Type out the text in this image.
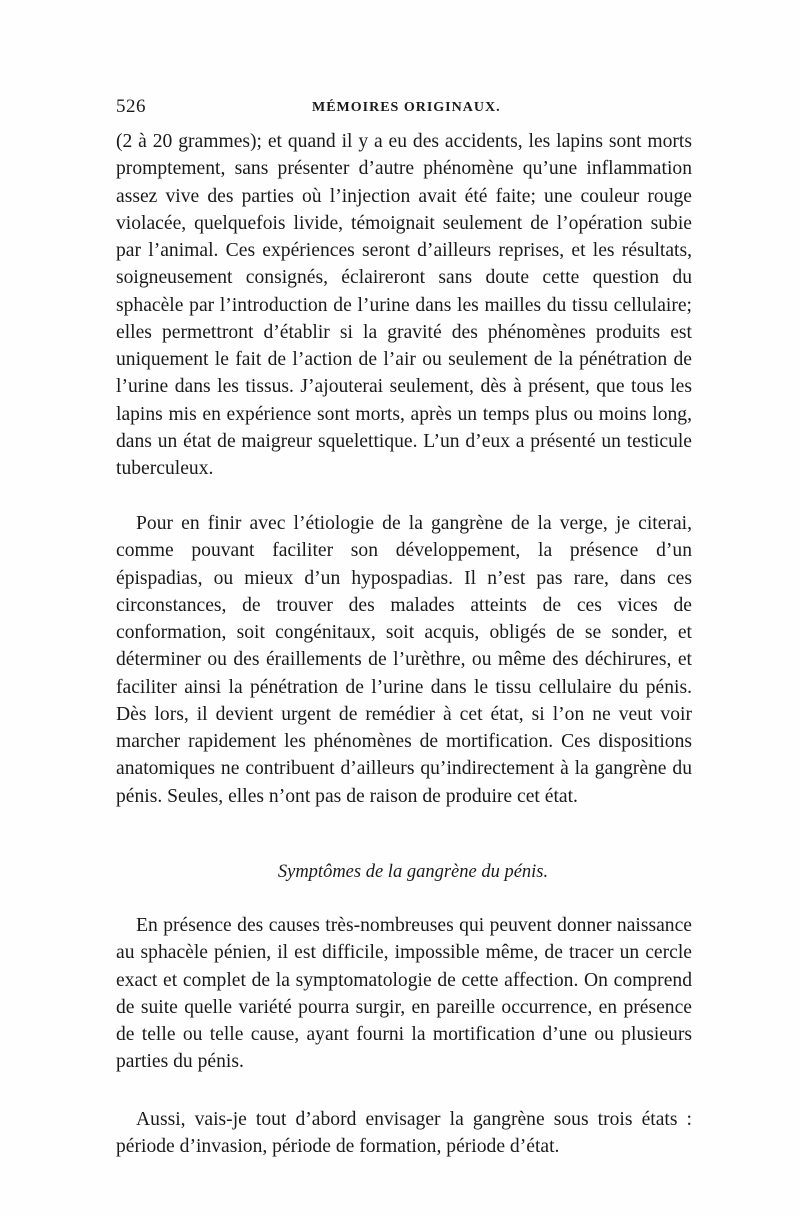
526	MÉMOIRES ORIGINAUX.

(2 à 20 grammes); et quand il y a eu des accidents, les lapins sont morts promptement, sans présenter d’autre phénomène qu’une inflammation assez vive des parties où l’injection avait été faite; une couleur rouge violacée, quelquefois livide, témoignait seulement de l’opération subie par l’animal. Ces expériences seront d’ailleurs reprises, et les résultats, soigneusement consignés, éclaireront sans doute cette question du sphacèle par l’introduction de l’urine dans les mailles du tissu cellulaire; elles permettront d’établir si la gravité des phénomènes produits est uniquement le fait de l’action de l’air ou seulement de la pénétration de l’urine dans les tissus. J’ajouterai seulement, dès à présent, que tous les lapins mis en expérience sont morts, après un temps plus ou moins long, dans un état de maigreur squelettique. L’un d’eux a présenté un testicule tuberculeux.

Pour en finir avec l’étiologie de la gangrène de la verge, je citerai, comme pouvant faciliter son développement, la présence d’un épispadias, ou mieux d’un hypospadias. Il n’est pas rare, dans ces circonstances, de trouver des malades atteints de ces vices de conformation, soit congénitaux, soit acquis, obligés de se sonder, et déterminer ou des éraillements de l’urèthre, ou même des déchirures, et faciliter ainsi la pénétration de l’urine dans le tissu cellulaire du pénis. Dès lors, il devient urgent de remédier à cet état, si l’on ne veut voir marcher rapidement les phénomènes de mortification. Ces dispositions anatomiques ne contribuent d’ailleurs qu’indirectement à la gangrène du pénis. Seules, elles n’ont pas de raison de produire cet état.

Symptômes de la gangrène du pénis.

En présence des causes très-nombreuses qui peuvent donner naissance au sphacèle pénien, il est difficile, impossible même, de tracer un cercle exact et complet de la symptomatologie de cette affection. On comprend de suite quelle variété pourra surgir, en pareille occurrence, en présence de telle ou telle cause, ayant fourni la mortification d’une ou plusieurs parties du pénis.

Aussi, vais-je tout d’abord envisager la gangrène sous trois états : période d’invasion, période de formation, période d’état.
